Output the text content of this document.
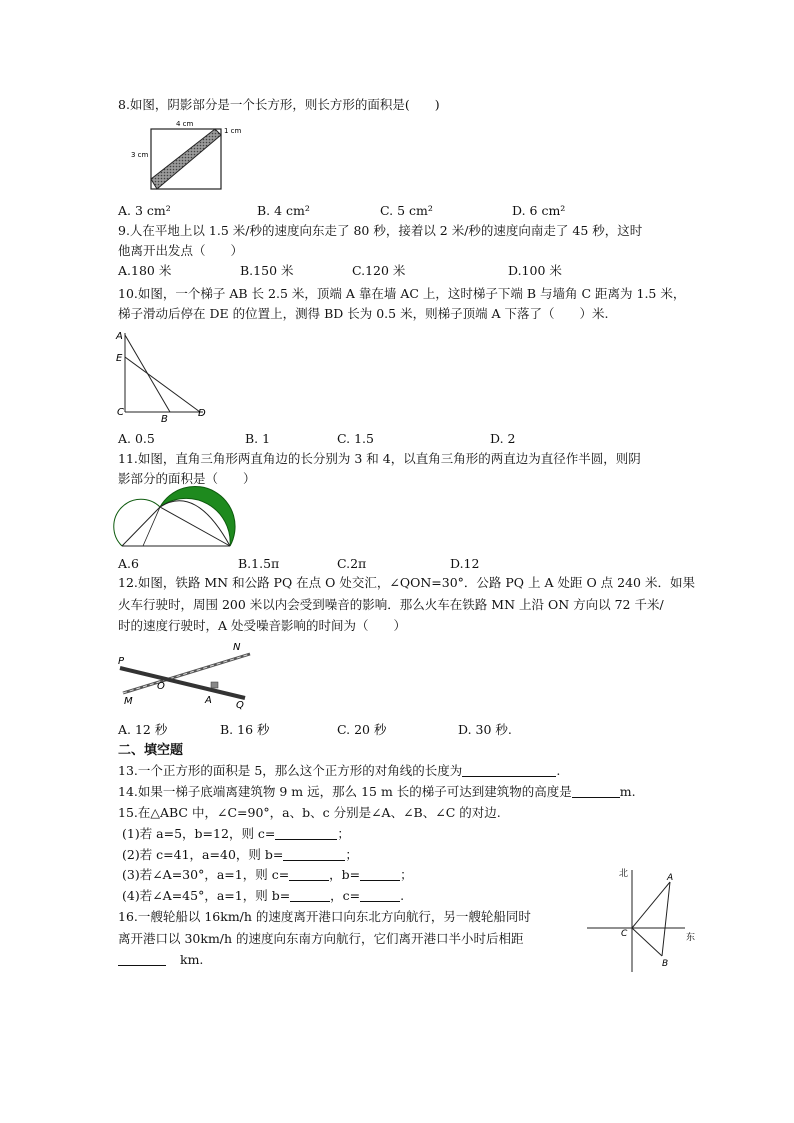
8.如图，阴影部分是一个长方形，则长方形的面积是(　　)
4 cm
3 cm
1 cm
A. 3 cm²	B. 4 cm²	C. 5 cm²	D. 6 cm²
9.人在平地上以 1.5 米/秒的速度向东走了 80 秒，接着以 2 米/秒的速度向南走了 45 秒，这时
他离开出发点（　　）
A.180 米	B.150 米	C.120 米	D.100 米
10.如图，一个梯子 AB 长 2.5 米，顶端 A 靠在墙 AC 上，这时梯子下端 B 与墙角 C 距离为 1.5 米，
梯子滑动后停在 DE 的位置上，测得 BD 长为 0.5 米，则梯子顶端 A 下落了（　　）米.
A
E
C
B
D
A. 0.5	B. 1	C. 1.5	D. 2
11.如图，直角三角形两直角边的长分别为 3 和 4，以直角三角形的两直边为直径作半圆，则阴
影部分的面积是（　　）
A.6	B.1.5π	C.2π	D.12
12.如图，铁路 MN 和公路 PQ 在点 O 处交汇，∠QON=30°．公路 PQ 上 A 处距 O 点 240 米．如果
火车行驶时，周围 200 米以内会受到噪音的影响．那么火车在铁路 MN 上沿 ON 方向以 72 千米/
时的速度行驶时，A 处受噪音影响的时间为（　　）
P
N
M
O
A Q
A. 12 秒	B. 16 秒	C. 20 秒	D. 30 秒.
二、填空题
13.一个正方形的面积是 5，那么这个正方形的对角线的长度为	.
14.如果一梯子底端离建筑物 9 m 远，那么 15 m 长的梯子可达到建筑物的高度是	m.
15.在△ABC 中，∠C=90°，a、b、c 分别是∠A、∠B、∠C 的对边.
(1)若 a=5，b=12，则 c=	；
(2)若 c=41，a=40，则 b=	；
(3)若∠A=30°，a=1，则 c=	，b=	；
(4)若∠A=45°，a=1，则 b=	，c=	.
16.一艘轮船以 16km/h 的速度离开港口向东北方向航行，另一艘轮船同时
离开港口以 30km/h 的速度向东南方向航行，它们离开港口半小时后相距
km.
北
东
A
B
C
